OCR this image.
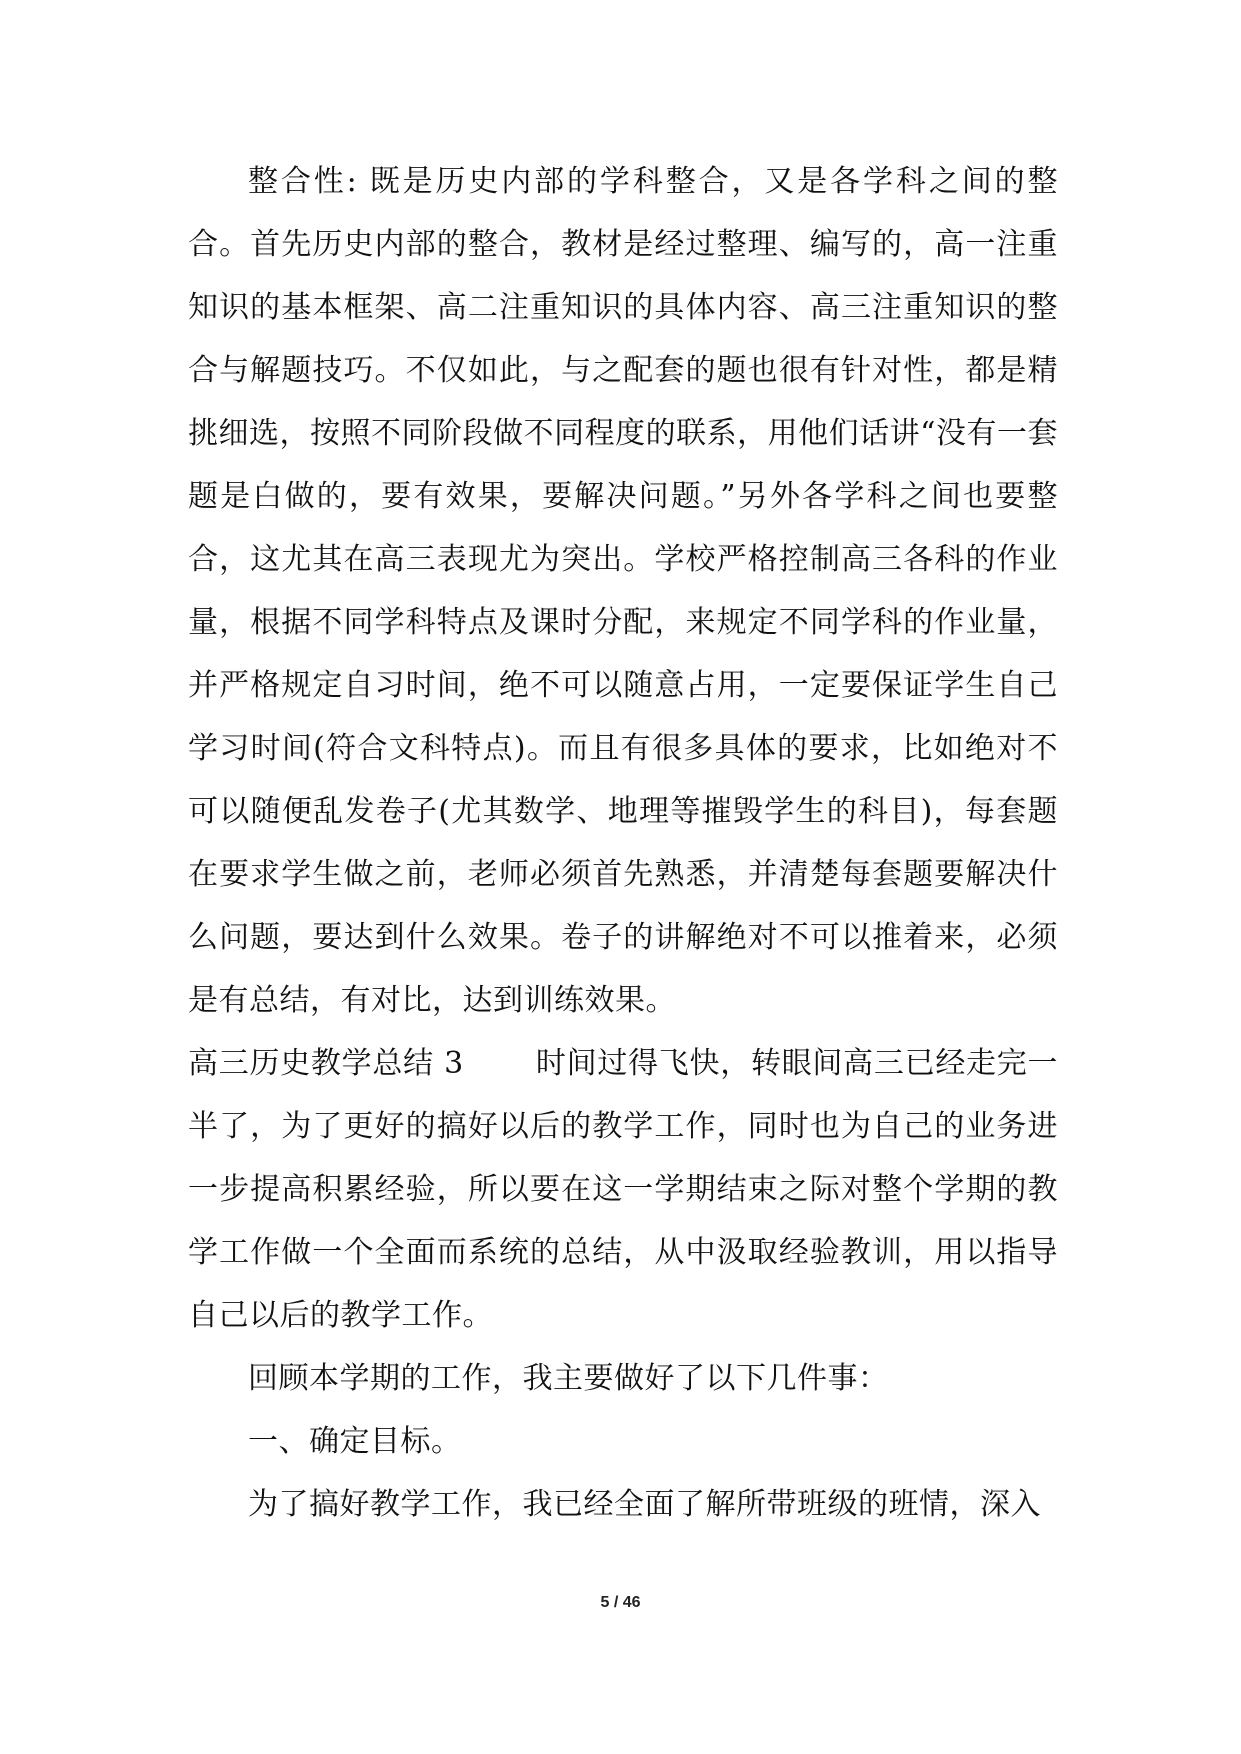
整合性: 既是历史内部的学科整合，又是各学科之间的整合。首先历史内部的整合，教材是经过整理、编写的，高一注重知识的基本框架、高二注重知识的具体内容、高三注重知识的整合与解题技巧。不仅如此，与之配套的题也很有针对性，都是精挑细选，按照不同阶段做不同程度的联系，用他们话讲“没有一套题是白做的，要有效果，要解决问题。”另外各学科之间也要整合，这尤其在高三表现尤为突出。学校严格控制高三各科的作业量，根据不同学科特点及课时分配，来规定不同学科的作业量，并严格规定自习时间，绝不可以随意占用，一定要保证学生自己学习时间(符合文科特点)。而且有很多具体的要求，比如绝对不可以随便乱发卷子(尤其数学、地理等摧毁学生的科目)，每套题在要求学生做之前，老师必须首先熟悉，并清楚每套题要解决什么问题，要达到什么效果。卷子的讲解绝对不可以推着来，必须是有总结，有对比，达到训练效果。

高三历史教学总结 3 时间过得飞快，转眼间高三已经走完一半了，为了更好的搞好以后的教学工作，同时也为自己的业务进一步提高积累经验，所以要在这一学期结束之际对整个学期的教学工作做一个全面而系统的总结，从中汲取经验教训，用以指导自己以后的教学工作。

回顾本学期的工作，我主要做好了以下几件事：

一、确定目标。

为了搞好教学工作，我已经全面了解所带班级的班情，深入

5 / 46
